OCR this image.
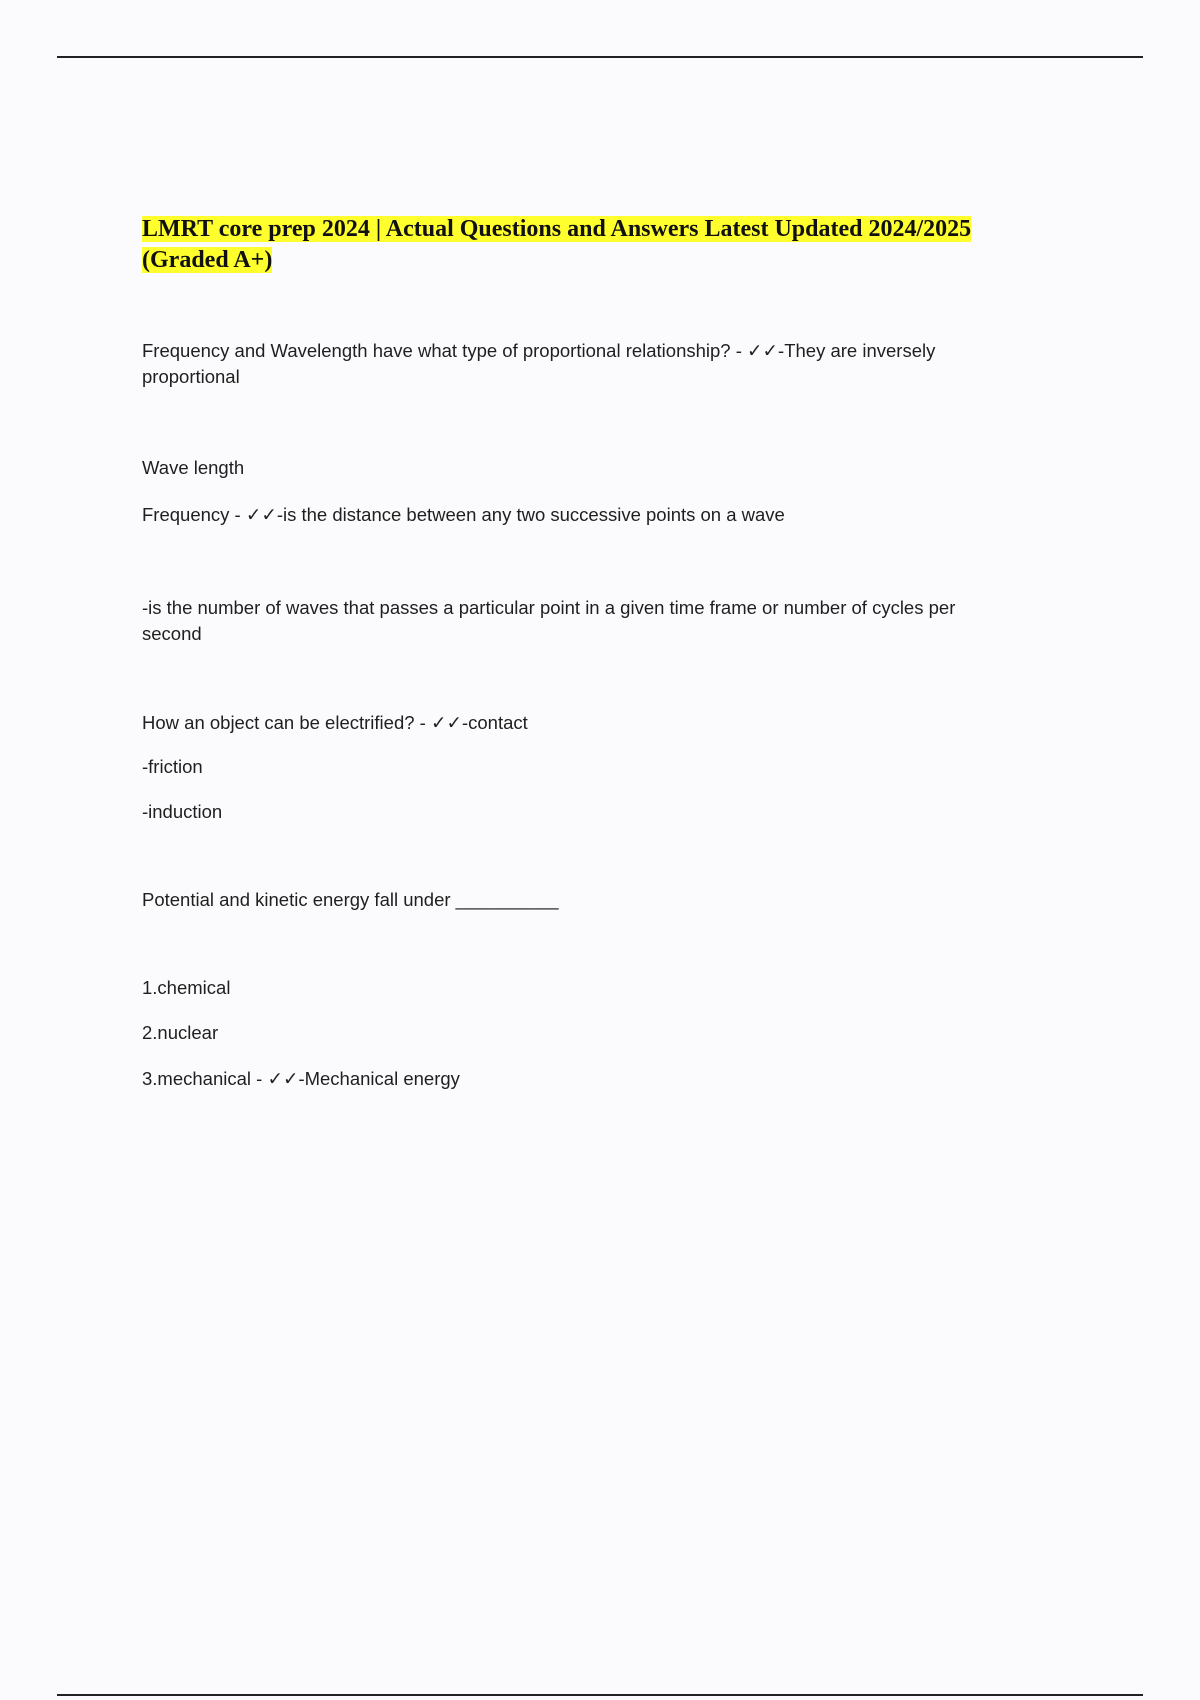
LMRT core prep 2024 | Actual Questions and Answers Latest Updated 2024/2025 (Graded A+)

Frequency and Wavelength have what type of proportional relationship? - ✓✓-They are inversely proportional

Wave length

Frequency - ✓✓-is the distance between any two successive points on a wave

-is the number of waves that passes a particular point in a given time frame or number of cycles per second

How an object can be electrified? - ✓✓-contact

-friction

-induction

Potential and kinetic energy fall under __________

1.chemical

2.nuclear

3.mechanical - ✓✓-Mechanical energy
